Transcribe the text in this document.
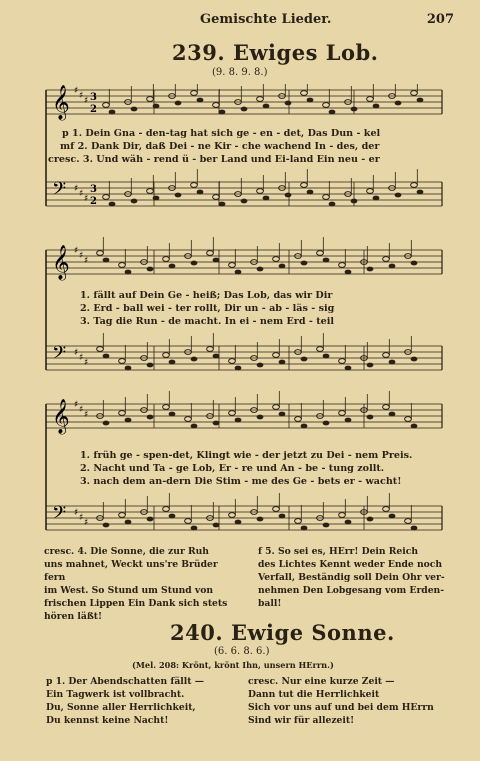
Gemischte Lieder.	207
239. Ewiges Lob.
(9. 8. 9. 8.)
𝄞 ♯ ♯ ♯ 3
2
𝄢 ♯ ♯ ♯
3
2
p 1. Dein Gna - den-tag hat sich ge - en - det, Das Dun - kel
mf 2. Dank Dir, daß Dei - ne Kir - che wachend In - des, der
cresc. 3. Und wäh - rend ü - ber Land und Ei-land Ein neu - er
𝄞 ♯ ♯ ♯
𝄢 ♯ ♯ ♯
1. fällt auf Dein Ge - heiß; Das Lob, das wir Dir
2. Erd - ball wei - ter rollt, Dir un - ab - läs - sig
3. Tag die Run - de macht. In ei - nem Erd - teil
𝄞 ♯ ♯ ♯
𝄢 ♯ ♯ ♯
1. früh ge - spen-det, Klingt wie - der jetzt zu Dei - nem Preis.
2. Nacht und Ta - ge Lob, Er - re und An - be - tung zollt.
3. nach dem an-dern Die Stim - me des Ge - bets er - wacht!
cresc. 4. Die Sonne, die zur Ruh
uns mahnet, Weckt uns're Brüder fern
im West. So Stund um Stund von
frischen Lippen Ein Dank sich stets
hören läßt!
f 5. So sei es, HErr! Dein Reich
des Lichtes Kennt weder Ende noch
Verfall, Beständig soll Dein Ohr ver-
nehmen Den Lobgesang vom Erden-
ball!
240. Ewige Sonne.
(6. 6. 8. 6.)
(Mel. 208: Krönt, krönt Ihn, unsern HErrn.)
p 1. Der Abendschatten fällt —
Ein Tagwerk ist vollbracht.
Du, Sonne aller Herrlichkeit,
Du kennst keine Nacht!
cresc. Nur eine kurze Zeit —
Dann tut die Herrlichkeit
Sich vor uns auf und bei dem HErrn
Sind wir für allezeit!
